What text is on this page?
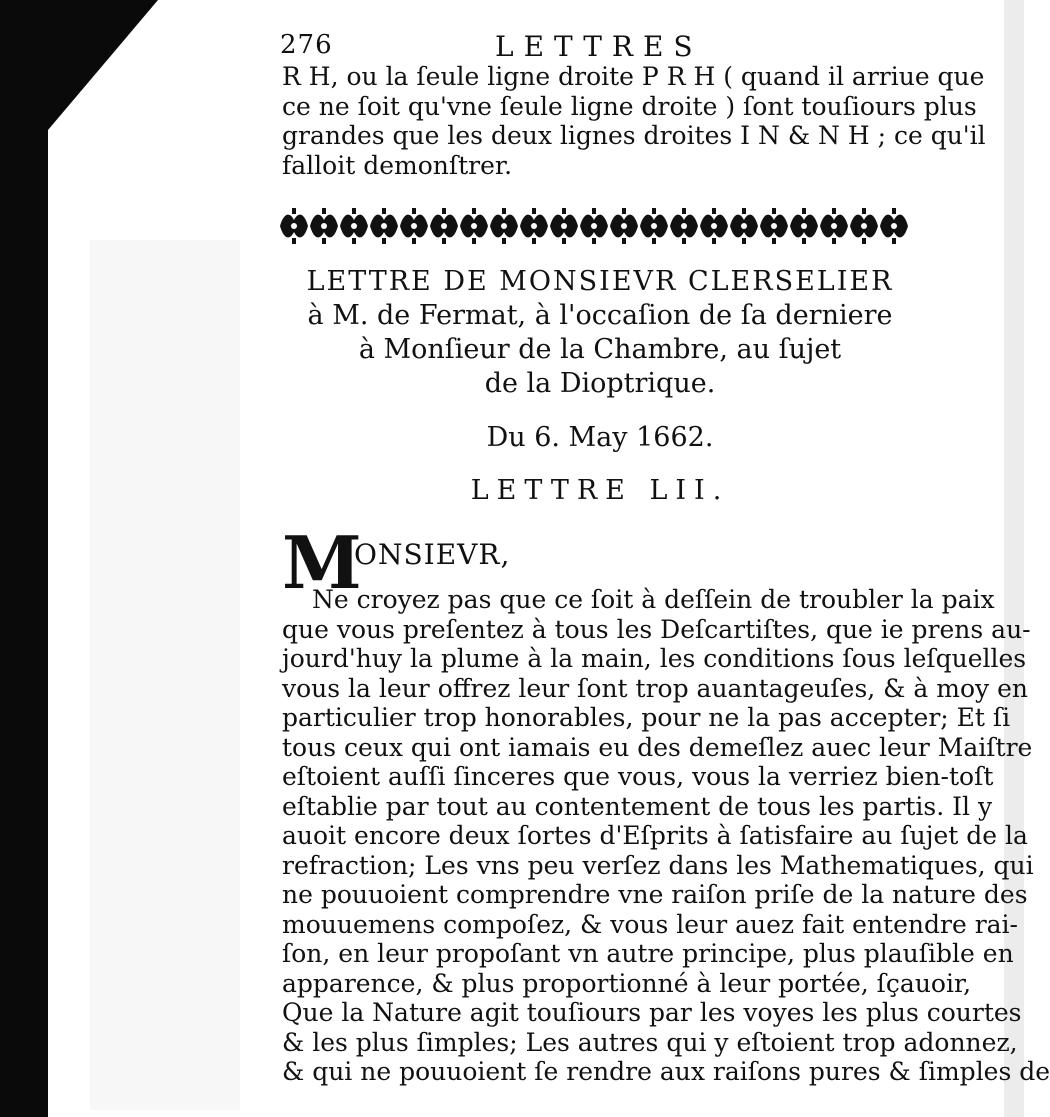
276	LETTRES
R H, ou la ſeule ligne droite P R H ( quand il arriue que
ce ne ſoit qu'vne ſeule ligne droite ) ſont touſiours plus
grandes que les deux lignes droites I N & N H ; ce qu'il
falloit demonſtrer.
LETTRE DE MONSIEVR CLERSELIER
à M. de Fermat, à l'occaſion de ſa derniere
à Monſieur de la Chambre, au ſujet
de la Dioptrique.
Du 6. May 1662.
LETTRE LII.
M
ONSIEVR,
Ne croyez pas que ce ſoit à deſſein de troubler la paix
que vous preſentez à tous les Deſcartiſtes, que ie prens au-
jourd'huy la plume à la main, les conditions ſous leſquelles
vous la leur offrez leur ſont trop auantageuſes, & à moy en
particulier trop honorables, pour ne la pas accepter; Et ſi
tous ceux qui ont iamais eu des demeſlez auec leur Maiſtre
eſtoient auſſi ſinceres que vous, vous la verriez bien-toſt
eſtablie par tout au contentement de tous les partis. Il y
auoit encore deux ſortes d'Eſprits à ſatisfaire au ſujet de la
refraction; Les vns peu verſez dans les Mathematiques, qui
ne pouuoient comprendre vne raiſon priſe de la nature des
mouuemens compoſez, & vous leur auez fait entendre rai-
ſon, en leur propoſant vn autre principe, plus plauſible en
apparence, & plus proportionné à leur portée, ſçauoir,
Que la Nature agit touſiours par les voyes les plus courtes
& les plus ſimples; Les autres qui y eſtoient trop adonnez,
& qui ne pouuoient ſe rendre aux raiſons pures & ſimples de
